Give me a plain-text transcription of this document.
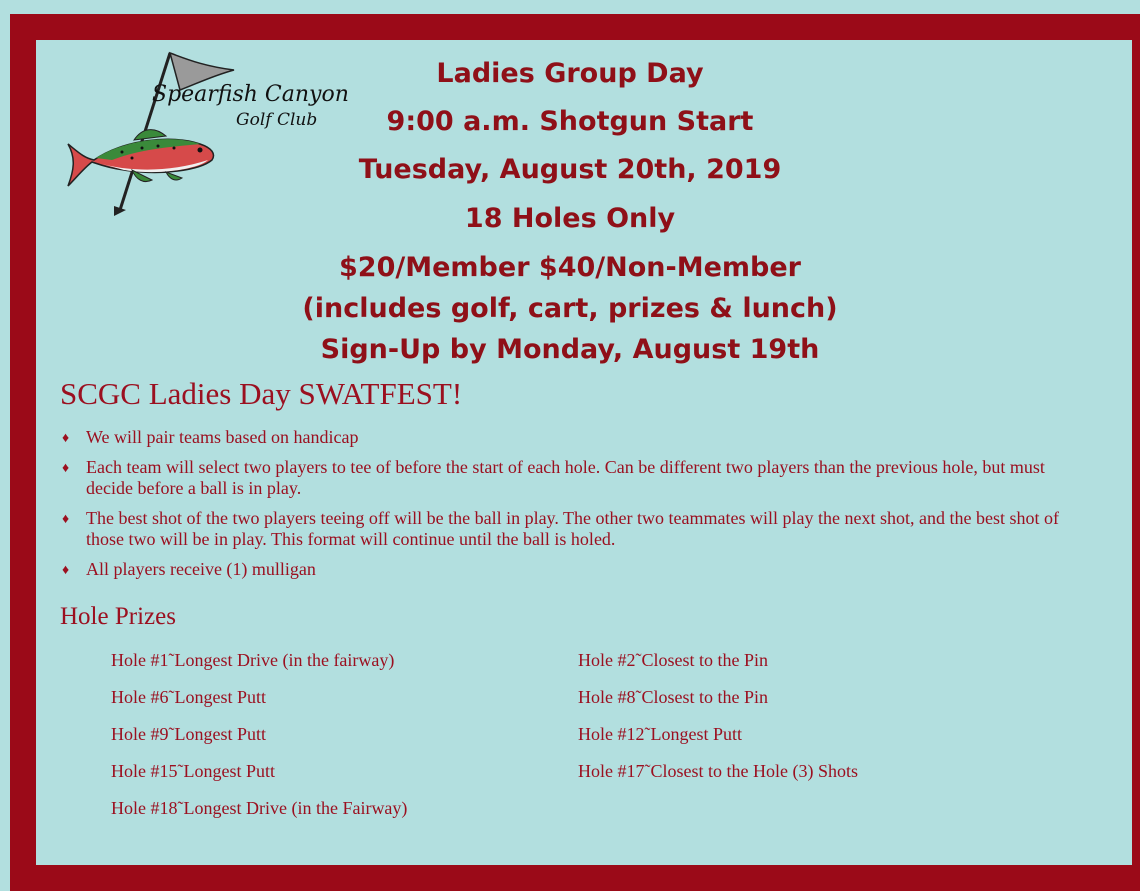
Spearfish Canyon
Golf Club
Ladies Group Day
9:00 a.m. Shotgun Start
Tuesday, August 20th, 2019
18 Holes Only
$20/Member $40/Non-Member
(includes golf, cart, prizes & lunch)
Sign-Up by Monday, August 19th
SCGC Ladies Day SWATFEST!
♦ We will pair teams based on handicap
♦ Each team will select two players to tee of before the start of each hole. Can be different two players than the previous hole, but must decide before a ball is in play.
♦ The best shot of the two players teeing off will be the ball in play. The other two teammates will play the next shot, and the best shot of those two will be in play. This format will continue until the ball is holed.
♦ All players receive (1) mulligan
Hole Prizes
Hole #1˜Longest Drive (in the fairway)
Hole #6˜Longest Putt
Hole #9˜Longest Putt
Hole #15˜Longest Putt
Hole #18˜Longest Drive (in the Fairway)
Hole #2˜Closest to the Pin
Hole #8˜Closest to the Pin
Hole #12˜Longest Putt
Hole #17˜Closest to the Hole (3) Shots
